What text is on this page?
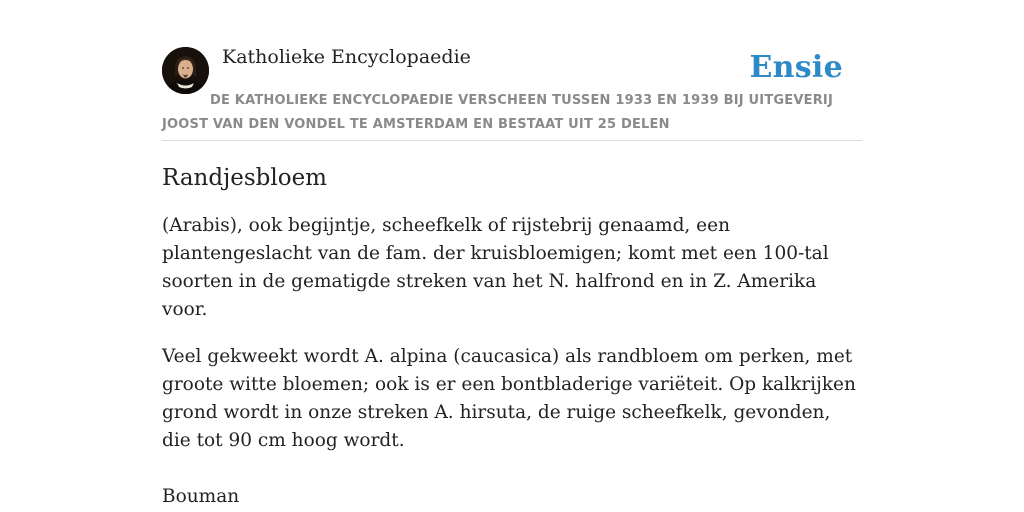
Katholieke Encyclopaedie	Ensie
DE KATHOLIEKE ENCYCLOPAEDIE VERSCHEEN TUSSEN 1933 EN 1939 BIJ UITGEVERIJ JOOST VAN DEN VONDEL TE AMSTERDAM EN BESTAAT UIT 25 DELEN
Randjesbloem

(Arabis), ook begijntje, scheefkelk of rijstebrij genaamd, een plantengeslacht van de fam. der kruisbloemigen; komt met een 100-tal soorten in de gematigde streken van het N. halfrond en in Z. Amerika voor.

Veel gekweekt wordt A. alpina (caucasica) als randbloem om perken, met groote witte bloemen; ook is er een bontbladerige variëteit. Op kalkrijken grond wordt in onze streken A. hirsuta, de ruige scheefkelk, gevonden, die tot 90 cm hoog wordt.

Bouman
